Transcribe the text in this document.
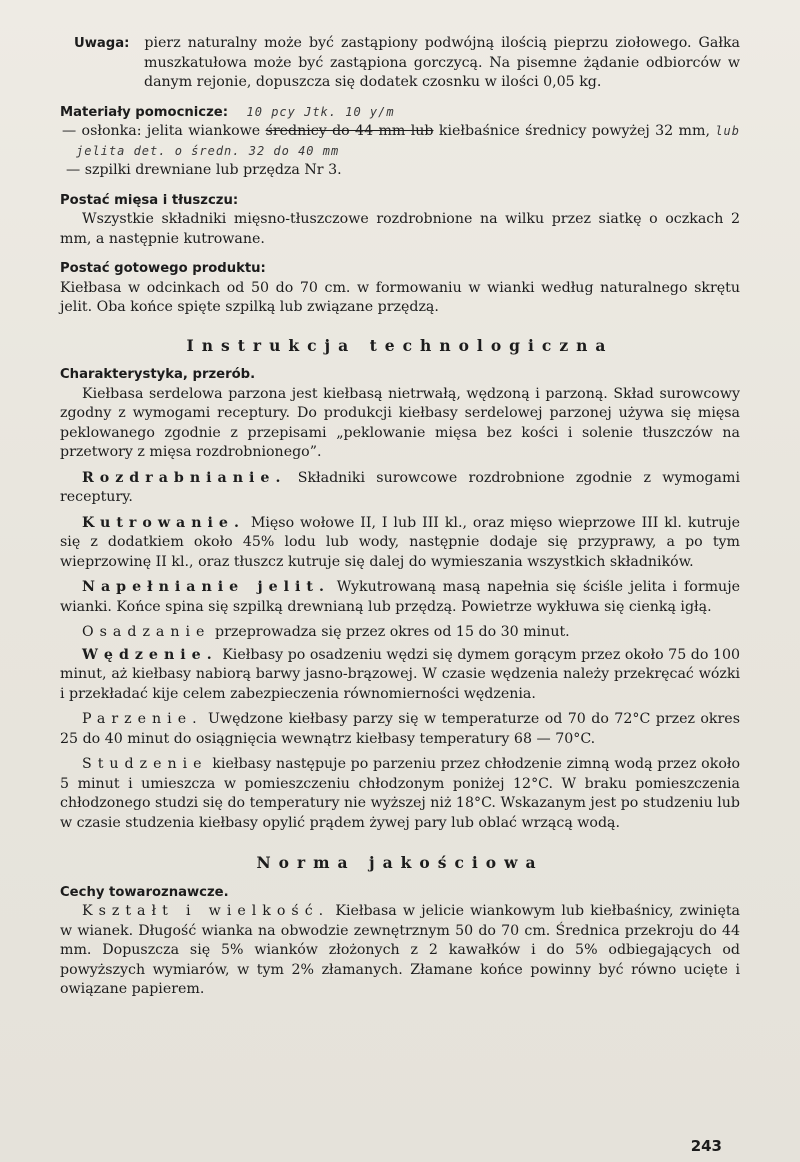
Uwaga: pierz naturalny może być zastąpiony podwójną ilością pieprzu ziołowego. Gałka muszkatułowa może być zastąpiona gorczycą. Na pisemne żądanie odbiorców w danym rejonie, dopuszcza się dodatek czosnku w ilości 0,05 kg.

Materiały pomocnicze: 10 pcy Jtk. 10 y/m

— osłonka: jelita wiankowe średnicy do 44 mm lub kiełbaśnice średnicy powyżej 32 mm, lub jelita det. o średn. 32 do 40 mm

— szpilki drewniane lub przędza Nr 3.

Postać mięsa i tłuszczu:

Wszystkie składniki mięsno-tłuszczowe rozdrobnione na wilku przez siatkę o oczkach 2 mm, a następnie kutrowane.

Postać gotowego produktu:

Kiełbasa w odcinkach od 50 do 70 cm. w formowaniu w wianki według naturalnego skrętu jelit. Oba końce spięte szpilką lub związane przędzą.

Instrukcja technologiczna
Charakterystyka, przerób.

Kiełbasa serdelowa parzona jest kiełbasą nietrwałą, wędzoną i parzoną. Skład surowcowy zgodny z wymogami receptury. Do produkcji kiełbasy serdelowej parzonej używa się mięsa peklowanego zgodnie z przepisami „peklowanie mięsa bez kości i solenie tłuszczów na przetwory z mięsa rozdrobnionego”.

Rozdrabnianie. Składniki surowcowe rozdrobnione zgodnie z wymogami receptury.

Kutrowanie. Mięso wołowe II, I lub III kl., oraz mięso wieprzowe III kl. kutruje się z dodatkiem około 45% lodu lub wody, następnie dodaje się przyprawy, a po tym wieprzowinę II kl., oraz tłuszcz kutruje się dalej do wymieszania wszystkich składników.

Napełnianie jelit. Wykutrowaną masą napełnia się ściśle jelita i formuje wianki. Końce spina się szpilką drewnianą lub przędzą. Powietrze wykłuwa się cienką igłą.

Osadzanie przeprowadza się przez okres od 15 do 30 minut.

Wędzenie. Kiełbasy po osadzeniu wędzi się dymem gorącym przez około 75 do 100 minut, aż kiełbasy nabiorą barwy jasno-brązowej. W czasie wędzenia należy przekręcać wózki i przekładać kije celem zabezpieczenia równomierności wędzenia.

Parzenie. Uwędzone kiełbasy parzy się w temperaturze od 70 do 72°C przez okres 25 do 40 minut do osiągnięcia wewnątrz kiełbasy temperatury 68 — 70°C.

Studzenie kiełbasy następuje po parzeniu przez chłodzenie zimną wodą przez około 5 minut i umieszcza w pomieszczeniu chłodzonym poniżej 12°C. W braku pomieszczenia chłodzonego studzi się do temperatury nie wyższej niż 18°C. Wskazanym jest po studzeniu lub w czasie studzenia kiełbasy opylić prądem żywej pary lub oblać wrzącą wodą.

Norma jakościowa
Cechy towaroznawcze.

Kształt i wielkość. Kiełbasa w jelicie wiankowym lub kiełbaśnicy, zwinięta w wianek. Długość wianka na obwodzie zewnętrznym 50 do 70 cm. Średnica przekroju do 44 mm. Dopuszcza się 5% wianków złożonych z 2 kawałków i do 5% odbiegających od powyższych wymiarów, w tym 2% złamanych. Złamane końce powinny być równo ucięte i owiązane papierem.

243
